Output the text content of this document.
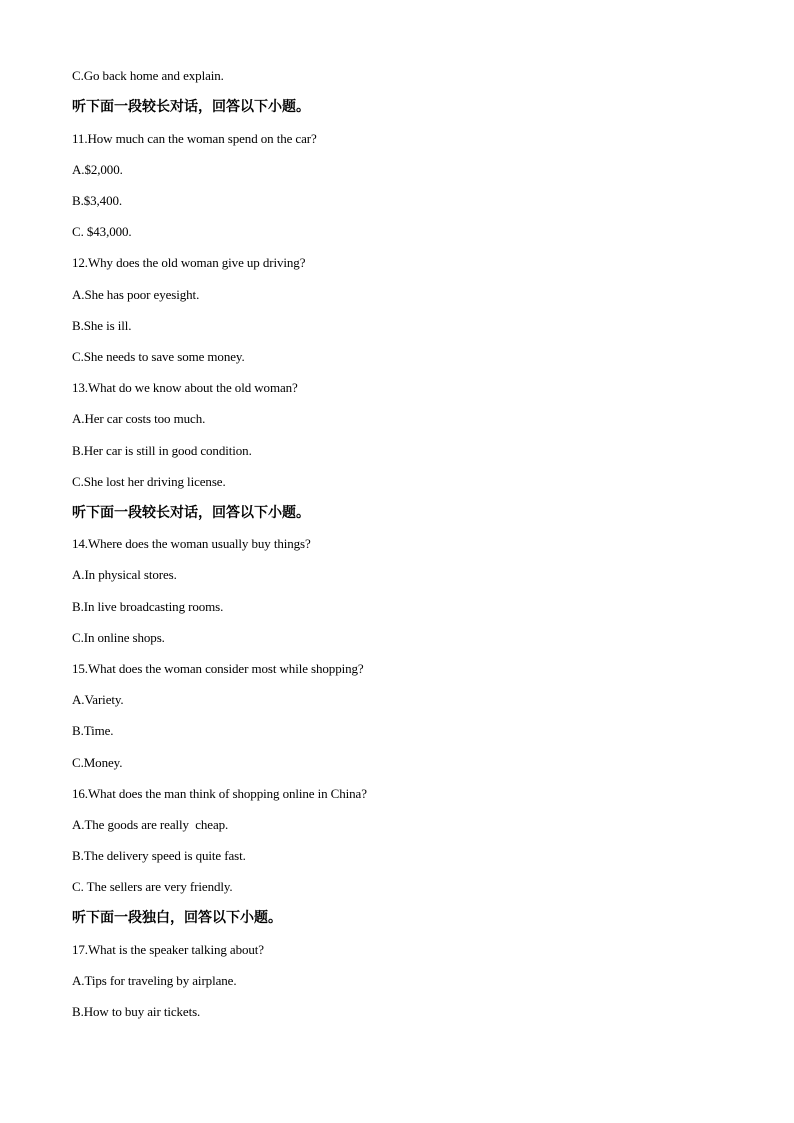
C.Go back home and explain.
听下面一段较长对话，回答以下小题。
11.How much can the woman spend on the car?
A.$2,000.
B.$3,400.
C. $43,000.
12.Why does the old woman give up driving?
A.She has poor eyesight.
B.She is ill.
C.She needs to save some money.
13.What do we know about the old woman?
A.Her car costs too much.
B.Her car is still in good condition.
C.She lost her driving license.
听下面一段较长对话，回答以下小题。
14.Where does the woman usually buy things?
A.In physical stores.
B.In live broadcasting rooms.
C.In online shops.
15.What does the woman consider most while shopping?
A.Variety.
B.Time.
C.Money.
16.What does the man think of shopping online in China?
A.The goods are really  cheap.
B.The delivery speed is quite fast.
C. The sellers are very friendly.
听下面一段独白，回答以下小题。
17.What is the speaker talking about?
A.Tips for traveling by airplane.
B.How to buy air tickets.
